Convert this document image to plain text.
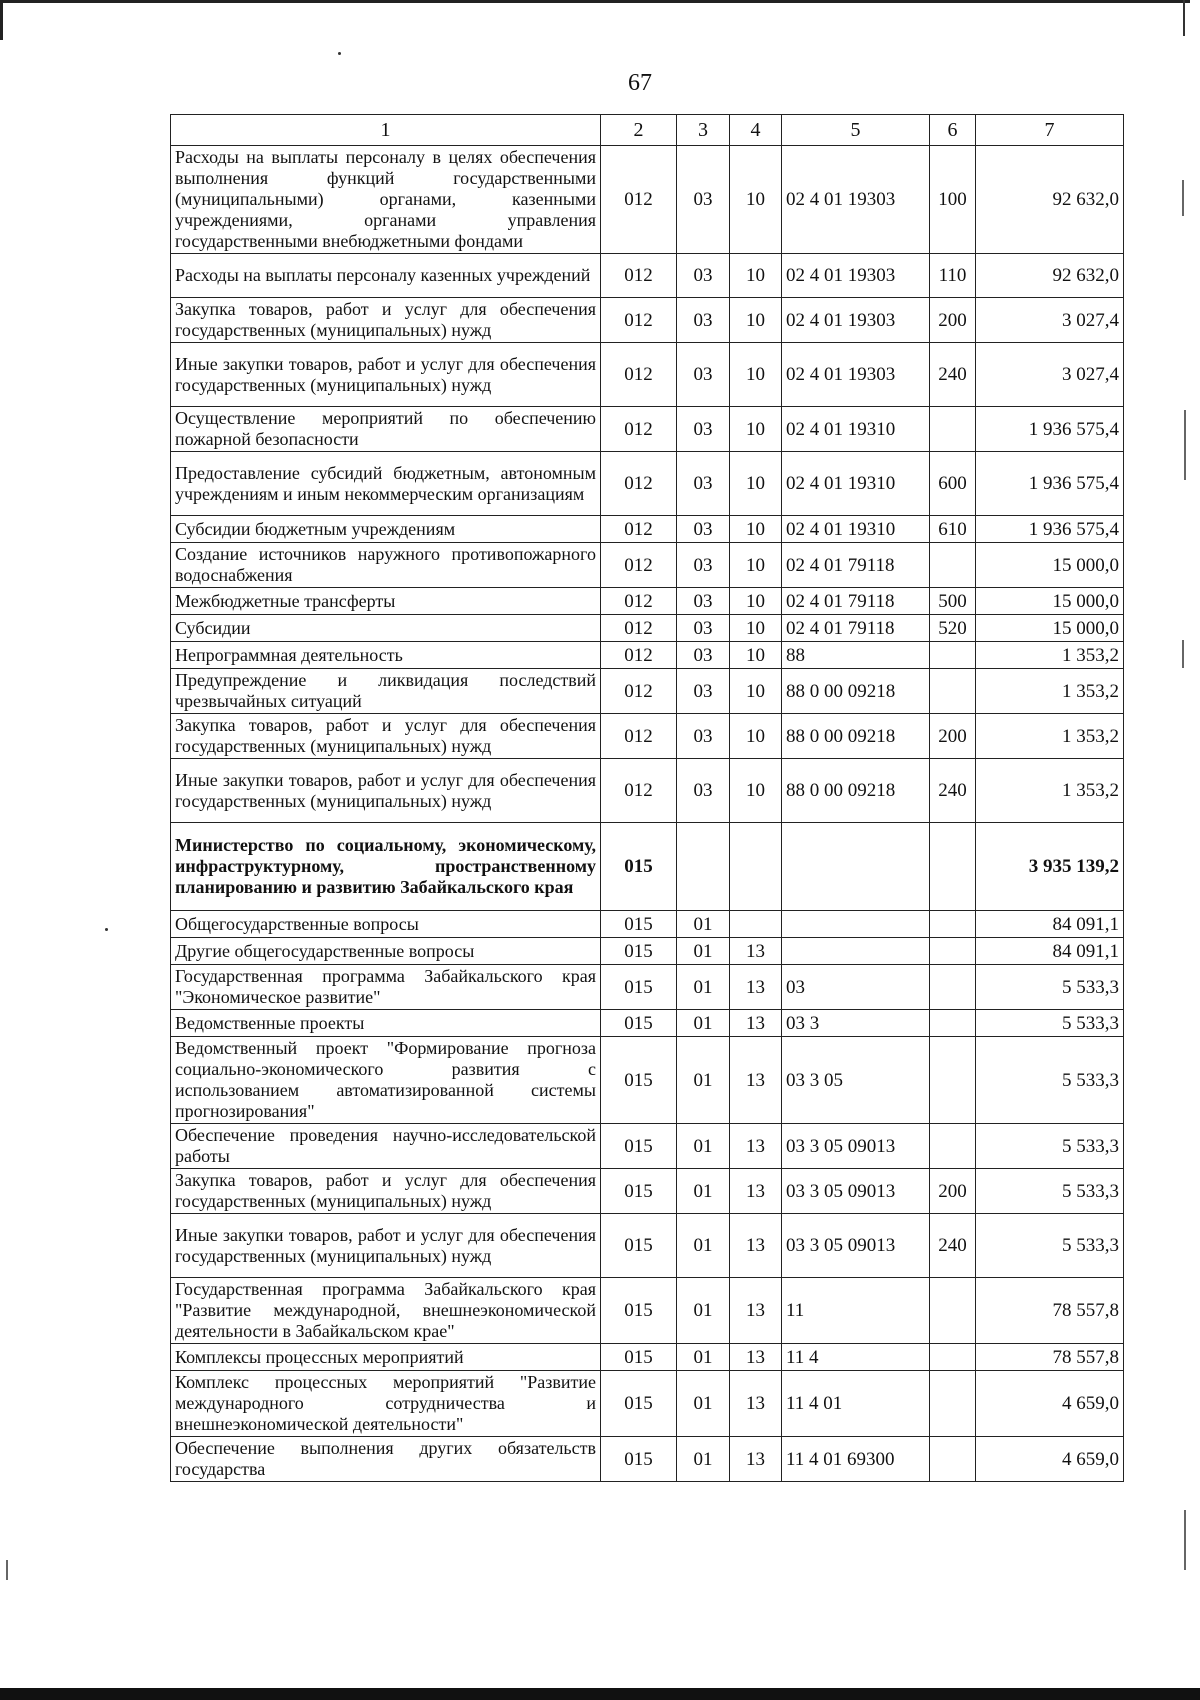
67
1	2	3	4	5	6	7
Расходы на выплаты персоналу в целях обеспечения выполнения функций государственными (муниципальными) органами, казенными учреждениями, органами управления государственными внебюджетными фондами	012	03	10	02 4 01 19303	100	92 632,0
Расходы на выплаты персоналу казенных учреждений	012	03	10	02 4 01 19303	110	92 632,0
Закупка товаров, работ и услуг для обеспечения государственных (муниципальных) нужд	012	03	10	02 4 01 19303	200	3 027,4
Иные закупки товаров, работ и услуг для обеспечения государственных (муниципальных) нужд	012	03	10	02 4 01 19303	240	3 027,4
Осуществление мероприятий по обеспечению пожарной безопасности	012	03	10	02 4 01 19310		1 936 575,4
Предоставление субсидий бюджетным, автономным учреждениям и иным некоммерческим организациям	012	03	10	02 4 01 19310	600	1 936 575,4
Субсидии бюджетным учреждениям	012	03	10	02 4 01 19310	610	1 936 575,4
Создание источников наружного противопожарного водоснабжения	012	03	10	02 4 01 79118		15 000,0
Межбюджетные трансферты	012	03	10	02 4 01 79118	500	15 000,0
Субсидии	012	03	10	02 4 01 79118	520	15 000,0
Непрограммная деятельность	012	03	10	88		1 353,2
Предупреждение и ликвидация последствий чрезвычайных ситуаций	012	03	10	88 0 00 09218		1 353,2
Закупка товаров, работ и услуг для обеспечения государственных (муниципальных) нужд	012	03	10	88 0 00 09218	200	1 353,2
Иные закупки товаров, работ и услуг для обеспечения государственных (муниципальных) нужд	012	03	10	88 0 00 09218	240	1 353,2
Министерство по социальному, экономическому, инфраструктурному, пространственному планированию и развитию Забайкальского края	015					3 935 139,2
Общегосударственные вопросы	015	01				84 091,1
Другие общегосударственные вопросы	015	01	13			84 091,1
Государственная программа Забайкальского края "Экономическое развитие"	015	01	13	03		5 533,3
Ведомственные проекты	015	01	13	03 3		5 533,3
Ведомственный проект "Формирование прогноза социально-экономического развития с использованием автоматизированной системы прогнозирования"	015	01	13	03 3 05		5 533,3
Обеспечение проведения научно-исследовательской работы	015	01	13	03 3 05 09013		5 533,3
Закупка товаров, работ и услуг для обеспечения государственных (муниципальных) нужд	015	01	13	03 3 05 09013	200	5 533,3
Иные закупки товаров, работ и услуг для обеспечения государственных (муниципальных) нужд	015	01	13	03 3 05 09013	240	5 533,3
Государственная программа Забайкальского края "Развитие международной, внешнеэкономической деятельности в Забайкальском крае"	015	01	13	11		78 557,8
Комплексы процессных мероприятий	015	01	13	11 4		78 557,8
Комплекс процессных мероприятий "Развитие международного сотрудничества и внешнеэкономической деятельности"	015	01	13	11 4 01		4 659,0
Обеспечение выполнения других обязательств государства	015	01	13	11 4 01 69300		4 659,0
